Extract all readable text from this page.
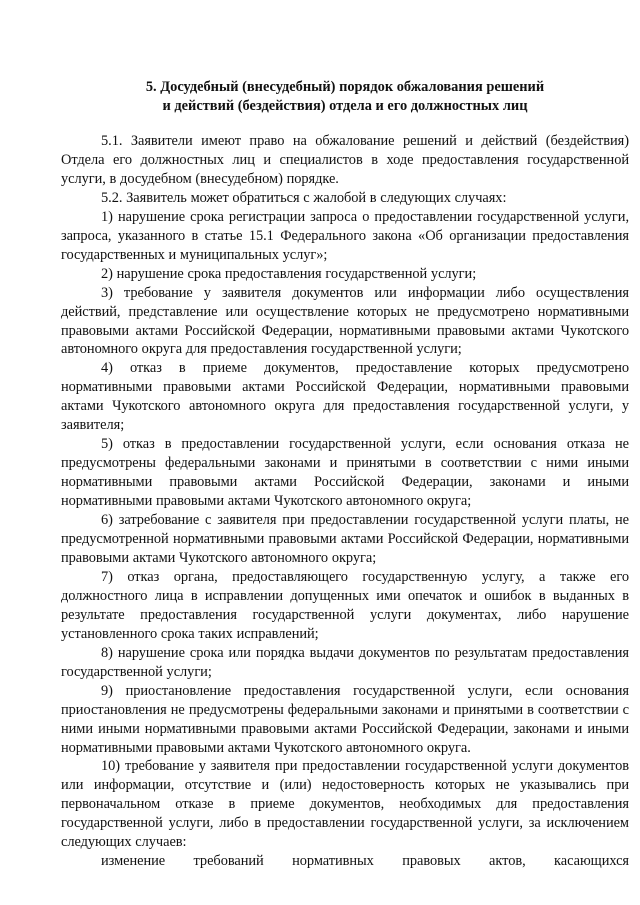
5. Досудебный (внесудебный) порядок обжалования решений
и действий (бездействия) отдела и его должностных лиц

5.1. Заявители имеют право на обжалование решений и действий (бездействия) Отдела его должностных лиц и специалистов в ходе предоставления государственной услуги, в досудебном (внесудебном) порядке.

5.2. Заявитель может обратиться с жалобой в следующих случаях:

1) нарушение срока регистрации запроса о предоставлении государственной услуги, запроса, указанного в статье 15.1 Федерального закона «Об организации предоставления государственных и муниципальных услуг»;

2) нарушение срока предоставления государственной услуги;

3) требование у заявителя документов или информации либо осуществления действий, представление или осуществление которых не предусмотрено нормативными правовыми актами Российской Федерации, нормативными правовыми актами Чукотского автономного округа для предоставления государственной услуги;

4) отказ в приеме документов, предоставление которых предусмотрено нормативными правовыми актами Российской Федерации, нормативными правовыми актами Чукотского автономного округа для предоставления государственной услуги, у заявителя;

5) отказ в предоставлении государственной услуги, если основания отказа не предусмотрены федеральными законами и принятыми в соответствии с ними иными нормативными правовыми актами Российской Федерации, законами и иными нормативными правовыми актами Чукотского автономного округа;

6) затребование с заявителя при предоставлении государственной услуги платы, не предусмотренной нормативными правовыми актами Российской Федерации, нормативными правовыми актами Чукотского автономного округа;

7) отказ органа, предоставляющего государственную услугу, а также его должностного лица в исправлении допущенных ими опечаток и ошибок в выданных в результате предоставления государственной услуги документах, либо нарушение установленного срока таких исправлений;

8) нарушение срока или порядка выдачи документов по результатам предоставления государственной услуги;

9) приостановление предоставления государственной услуги, если основания приостановления не предусмотрены федеральными законами и принятыми в соответствии с ними иными нормативными правовыми актами Российской Федерации, законами и иными нормативными правовыми актами Чукотского автономного округа.

10) требование у заявителя при предоставлении государственной услуги документов или информации, отсутствие и (или) недостоверность которых не указывались при первоначальном отказе в приеме документов, необходимых для предоставления государственной услуги, либо в предоставлении государственной услуги, за исключением следующих случаев:

изменение требований нормативных правовых актов, касающихся
